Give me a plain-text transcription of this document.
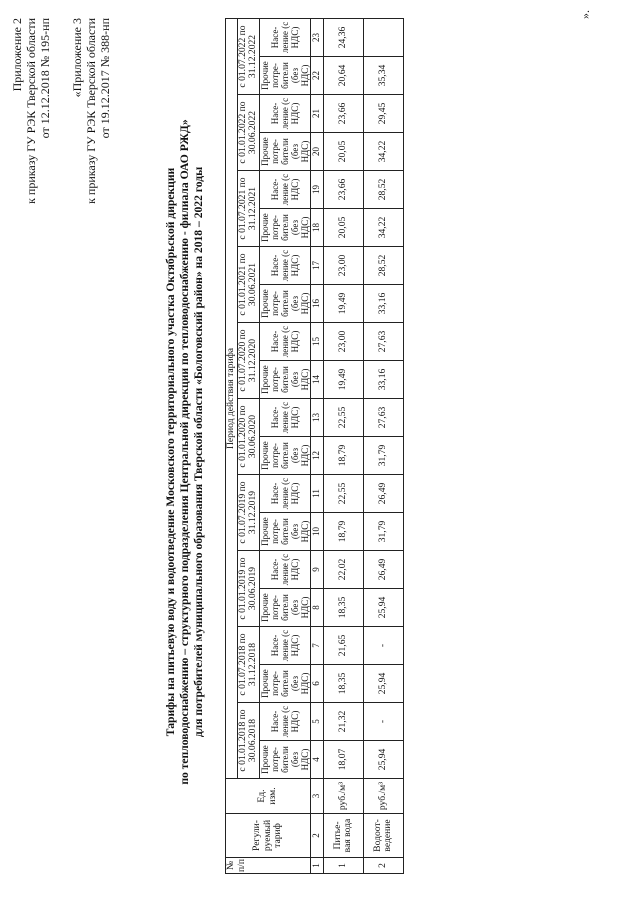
Приложение 2 к приказу ГУ РЭК Тверской области от 12.12.2018 № 195-нп «Приложение 3 к приказу ГУ РЭК Тверской области от 19.12.2017 № 388-нп
Тарифы на питьевую воду и водоотведение Московского территориального участка Октябрьской дирекции по тепловодоснабжению – структурного подразделения Центральной дирекции по тепловодоснабжению - филиала ОАО РЖД» для потребителей муниципального образования Тверской области «Бологовский район» на 2018 – 2022 годы
№ п/п	Регули-руемый тариф	Ед. изм.	Период действия тарифа																			
			с 01.01.2018 по 30.06.2018		с 01.07.2018 по 31.12.2018		с 01.01.2019 по 30.06.2019		с 01.07.2019 по 31.12.2019		с 01.01.2020 по 30.06.2020		с 01.07.2020 по 31.12.2020		с 01.01.2021 по 30.06.2021		с 01.07.2021 по 31.12.2021		с 01.01.2022 по 30.06.2022		с 01.07.2022 по 31.12.2022	
			Прочие потре-бители (без НДС)	Насе-ление (с НДС)	Прочие потре-бители (без НДС)	Насе-ление (с НДС)	Прочие потре-бители (без НДС)	Насе-ление (с НДС)	Прочие потре-бители (без НДС)	Насе-ление (с НДС)	Прочие потре-бители (без НДС)	Насе-ление (с НДС)	Прочие потре-бители (без НДС)	Насе-ление (с НДС)	Прочие потре-бители (без НДС)	Насе-ление (с НДС)	Прочие потре-бители (без НДС)	Насе-ление (с НДС)	Прочие потре-бители (без НДС)	Насе-ление (с НДС)	Прочие потре-бители (без НДС)	Насе-ление (с НДС)
1	2	3	4	5	6	7	8	9	10	11	12	13	14	15	16	17	18	19	20	21	22	23
1	Питье-вая вода	руб./м³	18,07	21,32	18,35	21,65	18,35	22,02	18,79	22,55	18,79	22,55	19,49	23,00	19,49	23,00	20,05	23,66	20,05	23,66	20,64	24,36
2	Водоот-ведение	руб./м³	25,94	-	25,94	-	25,94	26,49	31,79	26,49	31,79	27,63	33,16	27,63	33,16	28,52	34,22	28,52	34,22	29,45	35,34	
».
